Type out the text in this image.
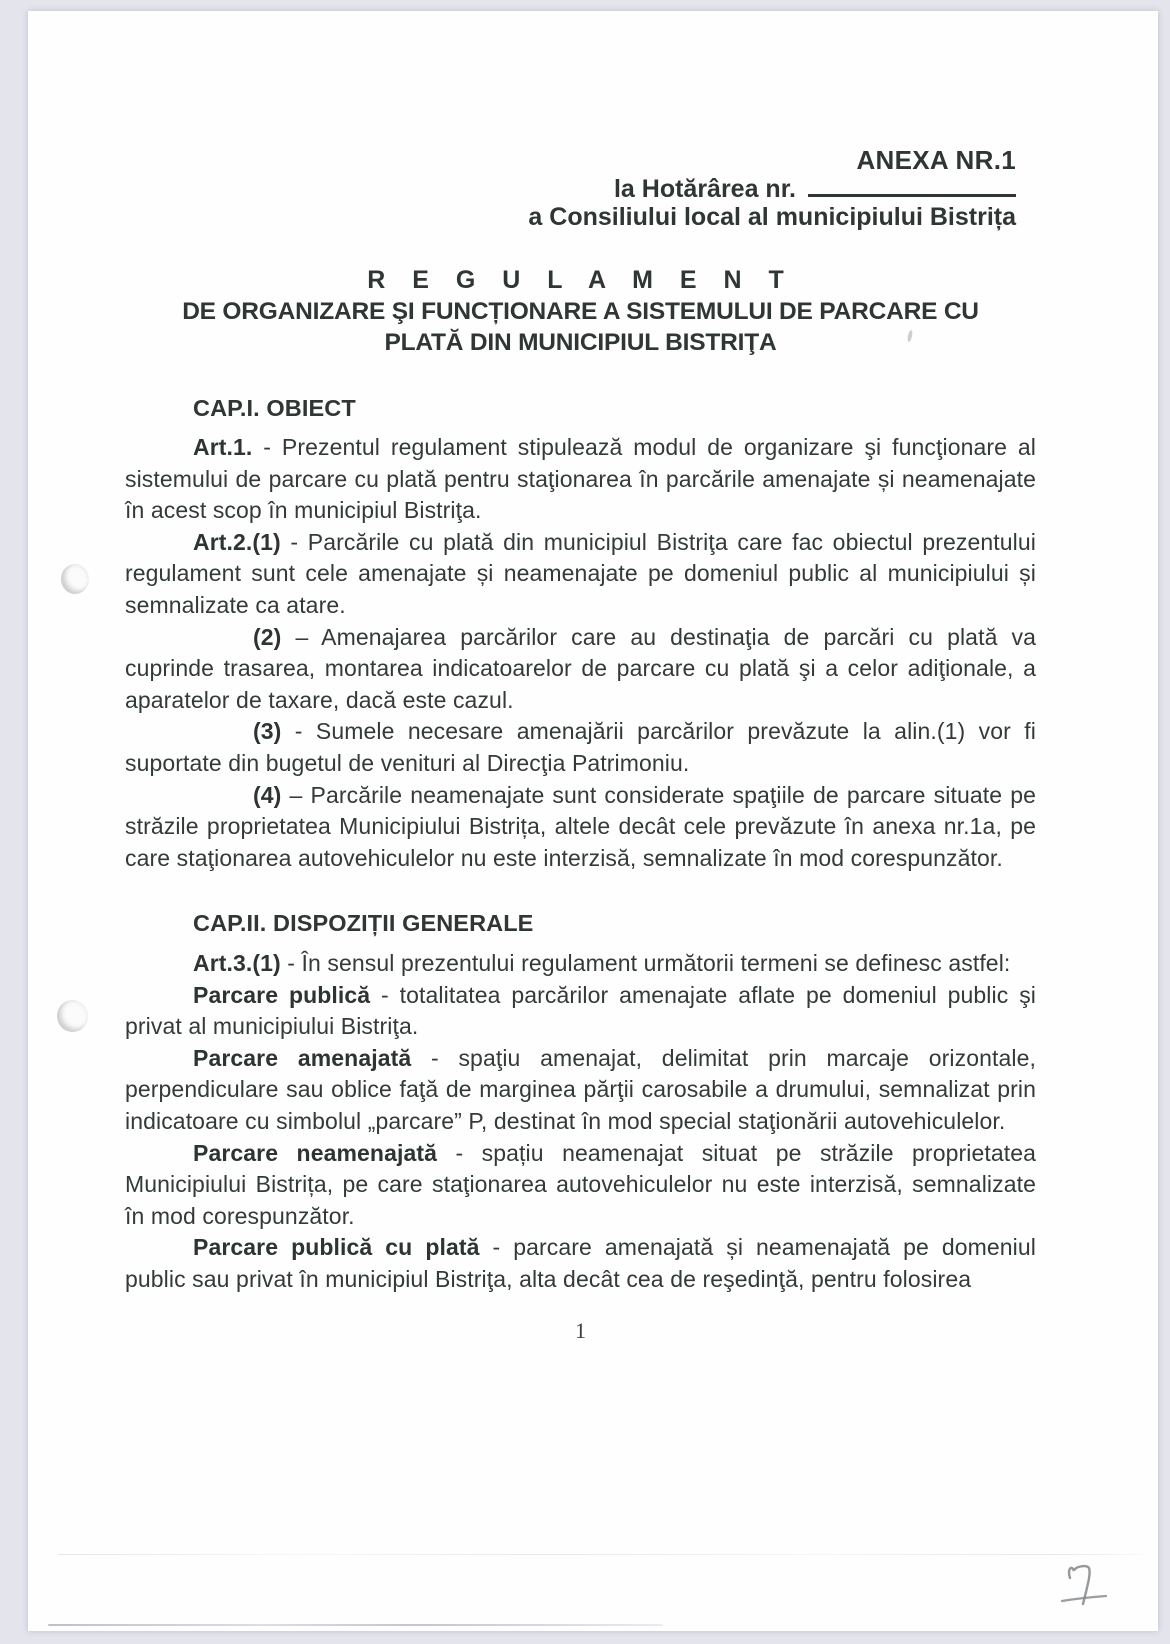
ANEXA NR.1
la Hotărârea nr.
a Consiliului local al municipiului Bistrița
R E G U L A M E N T
DE ORGANIZARE ŞI FUNCȚIONARE A SISTEMULUI DE PARCARE CU
PLATĂ DIN MUNICIPIUL BISTRIŢA
CAP.I. OBIECT

Art.1. - Prezentul regulament stipulează modul de organizare şi funcţionare al sistemului de parcare cu plată pentru staţionarea în parcările amenajate și neamenajate în acest scop în municipiul Bistriţa.

Art.2.(1) - Parcările cu plată din municipiul Bistriţa care fac obiectul prezentului regulament sunt cele amenajate și neamenajate pe domeniul public al municipiului și semnalizate ca atare.

(2) – Amenajarea parcărilor care au destinaţia de parcări cu plată va cuprinde trasarea, montarea indicatoarelor de parcare cu plată şi a celor adiţionale, a aparatelor de taxare, dacă este cazul.

(3) - Sumele necesare amenajării parcărilor prevăzute la alin.(1) vor fi suportate din bugetul de venituri al Direcţia Patrimoniu.

(4) – Parcările neamenajate sunt considerate spaţiile de parcare situate pe străzile proprietatea Municipiului Bistrița, altele decât cele prevăzute în anexa nr.1a, pe care staţionarea autovehiculelor nu este interzisă, semnalizate în mod corespunzător.

CAP.II. DISPOZIȚII GENERALE

Art.3.(1) - În sensul prezentului regulament următorii termeni se definesc astfel:

Parcare publică - totalitatea parcărilor amenajate aflate pe domeniul public şi privat al municipiului Bistriţa.

Parcare amenajată - spaţiu amenajat, delimitat prin marcaje orizontale, perpendiculare sau oblice faţă de marginea părţii carosabile a drumului, semnalizat prin indicatoare cu simbolul „parcare” P, destinat în mod special staţionării autovehiculelor.

Parcare neamenajată - spațiu neamenajat situat pe străzile proprietatea Municipiului Bistrița, pe care staţionarea autovehiculelor nu este interzisă, semnalizate în mod corespunzător.

Parcare publică cu plată - parcare amenajată și neamenajată pe domeniul public sau privat în municipiul Bistriţa, alta decât cea de reşedinţă, pentru folosirea

1
